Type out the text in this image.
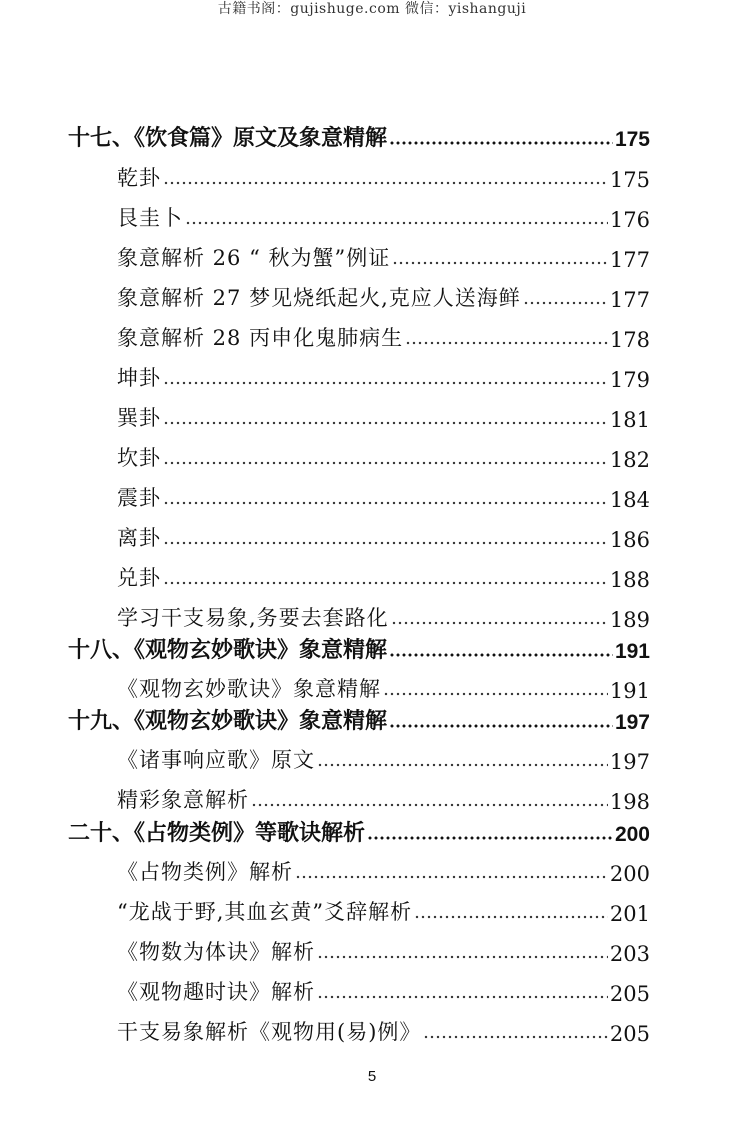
古籍书阁：gujishuge.com 微信：yishanguji
十七、《饮食篇》原文及象意精解	175
乾卦	175
艮圭卜	176
象意解析 26 “ 秋为蟹”例证	177
象意解析 27 梦见烧纸起火,克应人送海鲜	177
象意解析 28 丙申化鬼肺病生	178
坤卦	179
巽卦	181
坎卦	182
震卦	184
离卦	186
兑卦	188
学习干支易象,务要去套路化	189
十八、《观物玄妙歌诀》象意精解	191
《观物玄妙歌诀》象意精解	191
十九、《观物玄妙歌诀》象意精解	197
《诸事响应歌》原文	197
精彩象意解析	198
二十、《占物类例》等歌诀解析	200
《占物类例》解析	200
“龙战于野,其血玄黄”爻辞解析	201
《物数为体诀》解析	203
《观物趣时诀》解析	205
干支易象解析《观物用(易)例》	205
5
